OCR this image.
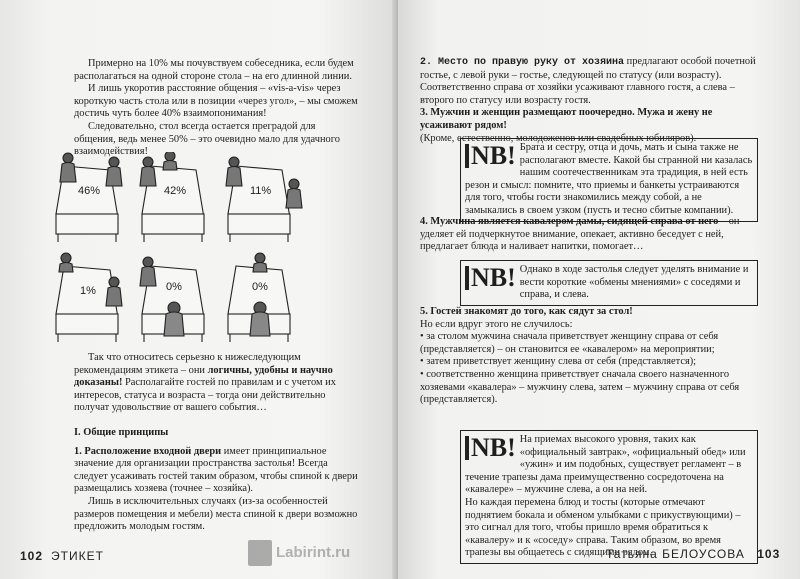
Примерно на 10% мы почувствуем собеседника, если будем располагаться на одной стороне стола – на его длинной линии.

И лишь укоротив расстояние общения – «vis-a-vis» через короткую часть стола или в позиции «через угол», – мы сможем достичь чуть более 40% взаимопонимания!

Следовательно, стол всегда остается преградой для общения, ведь менее 50% – это очевидно мало для удачного взаимодействия!

46%	42%	11%
1%	0%	0%

Так что относитесь серьезно к нижеследующим рекомендациям этикета – они логичны, удобны и научно доказаны! Располагайте гостей по правилам и с учетом их интересов, статуса и возраста – тогда они действительно получат удовольствие от вашего события…

I. Общие принципы

1. Расположение входной двери имеет принципиальное значение для организации пространства застолья! Всегда следует усаживать гостей таким образом, чтобы спиной к двери размещались хозяева (точнее – хозяйка).

Лишь в исключительных случаях (из-за особенностей размеров помещения и мебели) места спиной к двери возможно предложить молодым гостям.

102 ЭТИКЕТ

2. Место по правую руку от хозяина предлагают особой почетной гостье, с левой руки – гостье, следующей по статусу (или возрасту). Соответственно справа от хозяйки усаживают главного гостя, а слева – второго по статусу или возрасту гостя.

3. Мужчин и женщин размещают поочередно. Мужа и жену не усаживают рядом!

(Кроме, естественно, молодоженов или свадебных юбиляров).

NB! Брата и сестру, отца и дочь, мать и сына также не располагают вместе. Какой бы странной ни казалась нашим соотечественникам эта традиция, в ней есть резон и смысл: помните, что приемы и банкеты устраиваются для того, чтобы гости знакомились между собой, а не замыкались в своем узком (пусть и тесно сбитые компании).

4. Мужчина является кавалером дамы, сидящей справа от него – он уделяет ей подчеркнутое внимание, опекает, активно беседует с ней, предлагает блюда и наливает напитки, помогает…

NB! Однако в ходе застолья следует уделять внимание и вести короткие «обмены мнениями» с соседями и справа, и слева.

5. Гостей знакомят до того, как сядут за стол!

Но если вдруг этого не случилось:

• за столом мужчина сначала приветствует женщину справа от себя (представляется) – он становится ее «кавалером» на мероприятии;

• затем приветствует женщину слева от себя (представляется);

• соответственно женщина приветствует сначала своего назначенного хозяевами «кавалера» – мужчину слева, затем – мужчину справа от себя (представляется).

NB! На приемах высокого уровня, таких как «официальный завтрак», «официальный обед» или «ужин» и им подобных, существует регламент – в течение трапезы дама преимущественно сосредоточена на «кавалере» – мужчине слева, а он на ней.

Но каждая перемена блюд и тосты (которые отмечают поднятием бокала и обменом улыбками с прикуствующими) – это сигнал для того, чтобы пришло время обратиться к «кавалеру» и к «соседу» справа. Таким образом, во время трапезы вы общаетесь с сидящими рядом.

Татьяна БЕЛОУСОВА 103
Labirint.ru
